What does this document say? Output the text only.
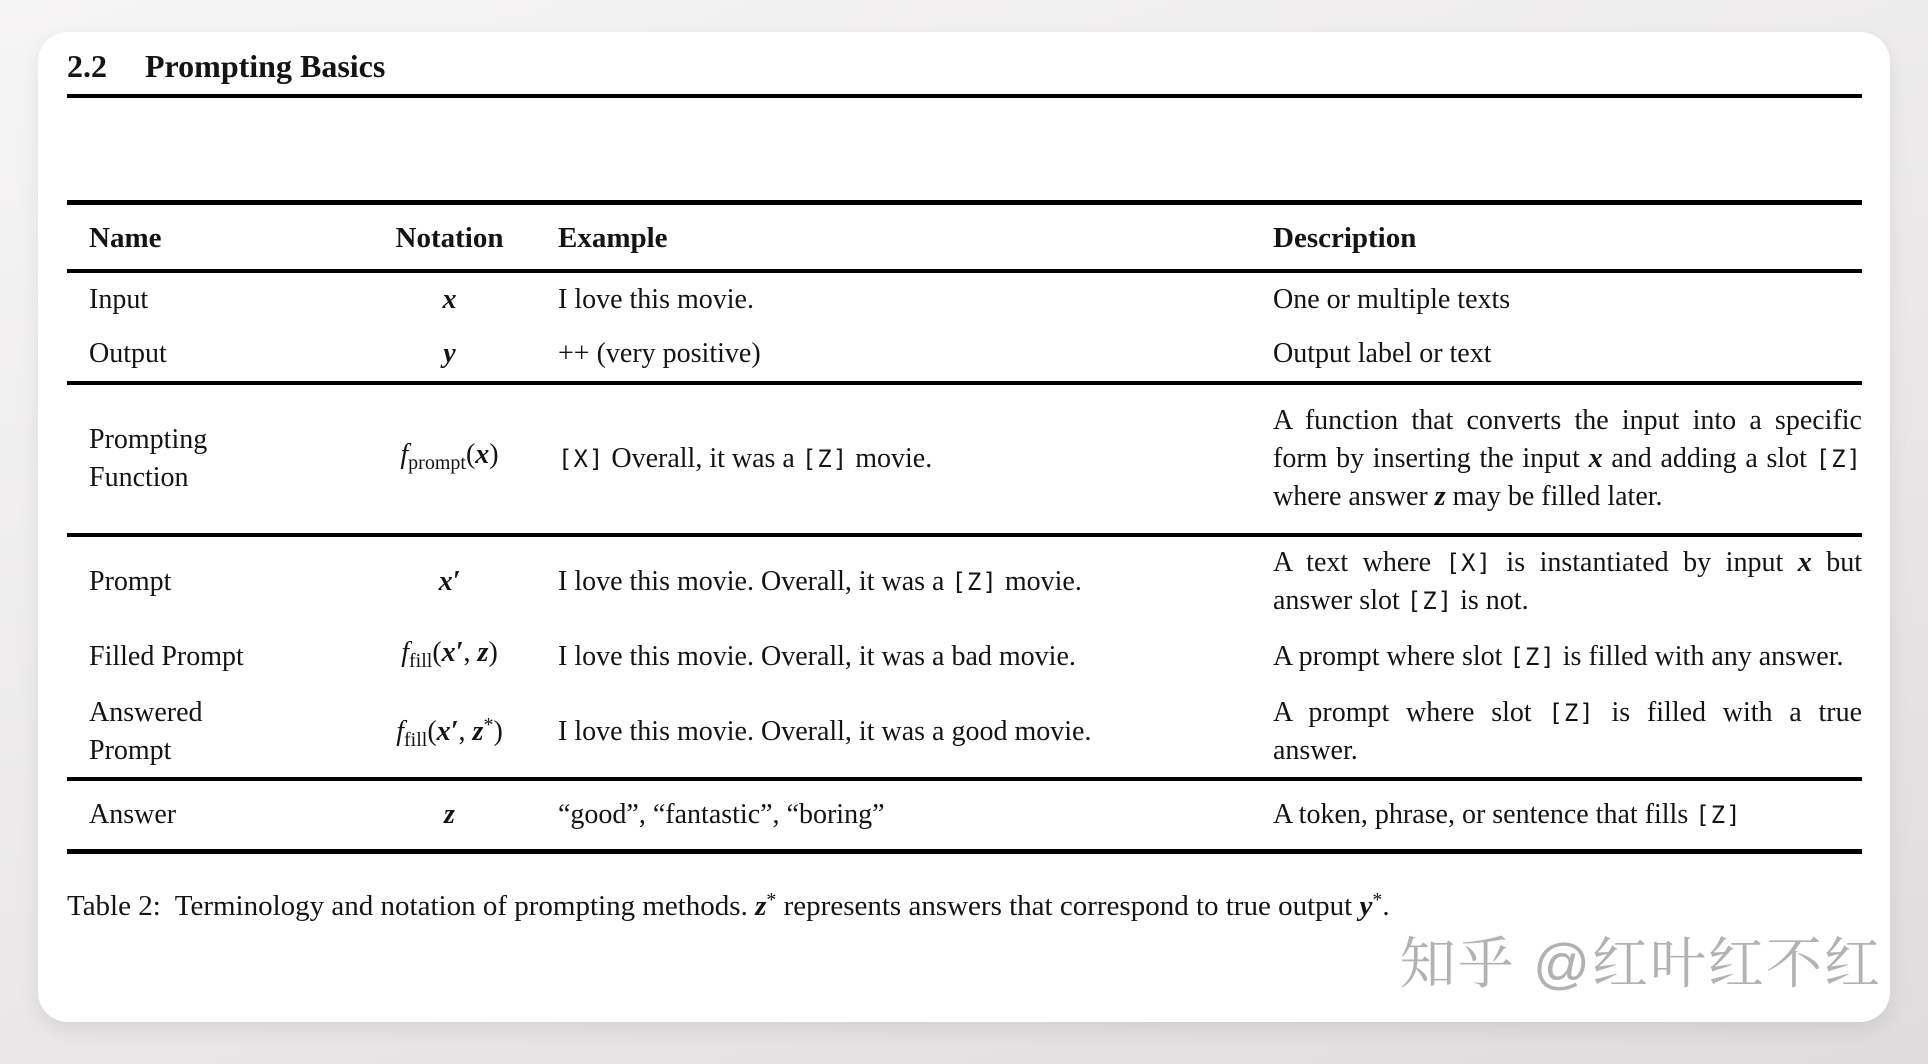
2.2 Prompting Basics
Name	Notation	Example	Description
Input	x	I love this movie.	One or multiple texts
Output	y	++ (very positive)	Output label or text
Prompting
Function	$f_{prompt}(x)$	[X] Overall, it was a [Z] movie.	A function that converts the input into a specific form by inserting the input x and adding a slot [Z] where answer z may be filled later.
Prompt	x′	I love this movie. Overall, it was a [Z] movie.	A text where [X] is instantiated by input x but answer slot [Z] is not.
Filled Prompt	$f_{fill}(x'$, z)	I love this movie. Overall, it was a bad movie.	A prompt where slot [Z] is filled with any answer.
Answered
Prompt	$f_{fill}(x'$, z*)	I love this movie. Overall, it was a good movie.	A prompt where slot [Z] is filled with a true answer.
Answer	z	“good”, “fantastic”, “boring”	A token, phrase, or sentence that fills [Z]
Table 2:  Terminology and notation of prompting methods. z* represents answers that correspond to true output y*.
知乎 @红叶红不红
